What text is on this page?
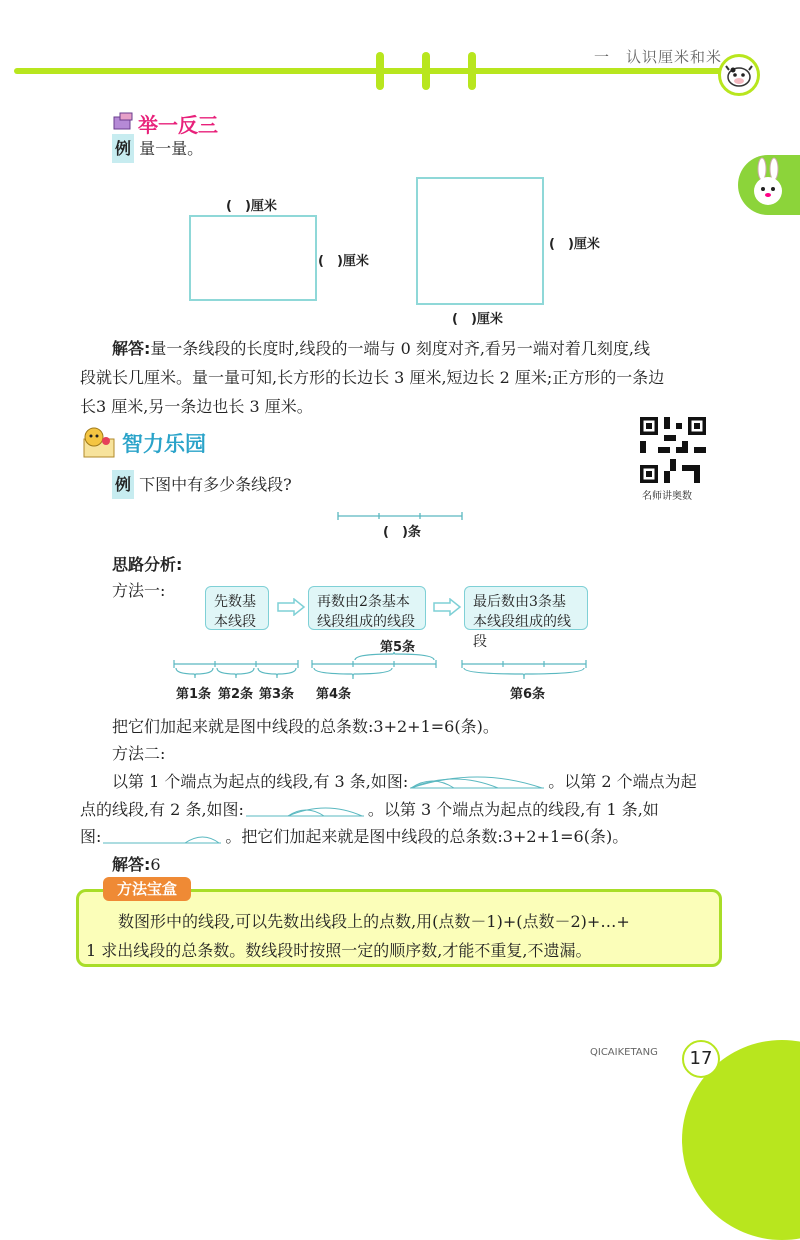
一　认识厘米和米
举一反三
例 量一量。
(　)厘米
(　)厘米
(　)厘米
(　)厘米
解答:量一条线段的长度时,线段的一端与 0 刻度对齐,看另一端对着几刻度,线
段就长几厘米。量一量可知,长方形的长边长 3 厘米,短边长 2 厘米;正方形的一条边
长3 厘米,另一条边也长 3 厘米。
智力乐园
名师讲奥数
例 下图中有多少条线段?
(　)条
思路分析:
方法一:
先数基本线段
再数由2条基本线段组成的线段
最后数由3条基本线段组成的线段
第5条
第1条 第2条 第3条 第4条	第6条
把它们加起来就是图中线段的总条数:3+2+1=6(条)。
方法二:
以第 1 个端点为起点的线段,有 3 条,如图:	。以第 2 个端点为起
点的线段,有 2 条,如图:	。以第 3 个端点为起点的线段,有 1 条,如
图:	。把它们加起来就是图中线段的总条数:3+2+1=6(条)。
解答:6
方法宝盒
数图形中的线段,可以先数出线段上的点数,用(点数－1)+(点数－2)+…+
1 求出线段的总条数。数线段时按照一定的顺序数,才能不重复,不遗漏。
QICAIKETANG	17
